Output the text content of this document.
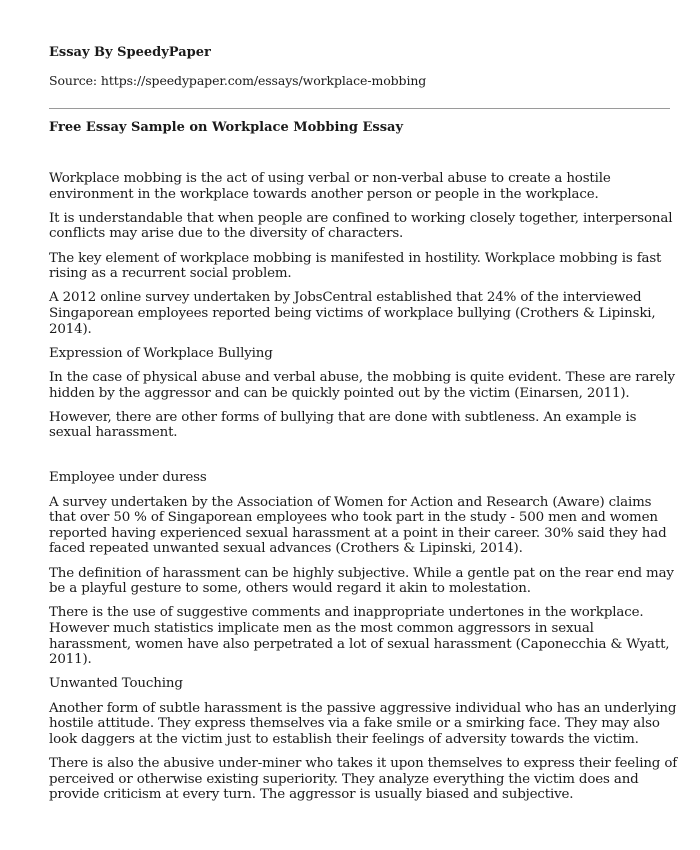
Essay By SpeedyPaper
Source: https://speedypaper.com/essays/workplace-mobbing
Free Essay Sample on Workplace Mobbing Essay

Workplace mobbing is the act of using verbal or non-verbal abuse to create a hostile environment in the workplace towards another person or people in the workplace.

It is understandable that when people are confined to working closely together, interpersonal conflicts may arise due to the diversity of characters.

The key element of workplace mobbing is manifested in hostility. Workplace mobbing is fast rising as a recurrent social problem.

A 2012 online survey undertaken by JobsCentral established that 24% of the interviewed Singaporean employees reported being victims of workplace bullying (Crothers & Lipinski, 2014).

Expression of Workplace Bullying

In the case of physical abuse and verbal abuse, the mobbing is quite evident. These are rarely hidden by the aggressor and can be quickly pointed out by the victim (Einarsen, 2011).

However, there are other forms of bullying that are done with subtleness. An example is sexual harassment.

Employee under duress

A survey undertaken by the Association of Women for Action and Research (Aware) claims that over 50 % of Singaporean employees who took part in the study - 500 men and women reported having experienced sexual harassment at a point in their career. 30% said they had faced repeated unwanted sexual advances (Crothers & Lipinski, 2014).

The definition of harassment can be highly subjective. While a gentle pat on the rear end may be a playful gesture to some, others would regard it akin to molestation.

There is the use of suggestive comments and inappropriate undertones in the workplace. However much statistics implicate men as the most common aggressors in sexual harassment, women have also perpetrated a lot of sexual harassment (Caponecchia & Wyatt, 2011).

Unwanted Touching

Another form of subtle harassment is the passive aggressive individual who has an underlying hostile attitude. They express themselves via a fake smile or a smirking face. They may also look daggers at the victim just to establish their feelings of adversity towards the victim.

There is also the abusive under-miner who takes it upon themselves to express their feeling of perceived or otherwise existing superiority. They analyze everything the victim does and provide criticism at every turn. The aggressor is usually biased and subjective.
